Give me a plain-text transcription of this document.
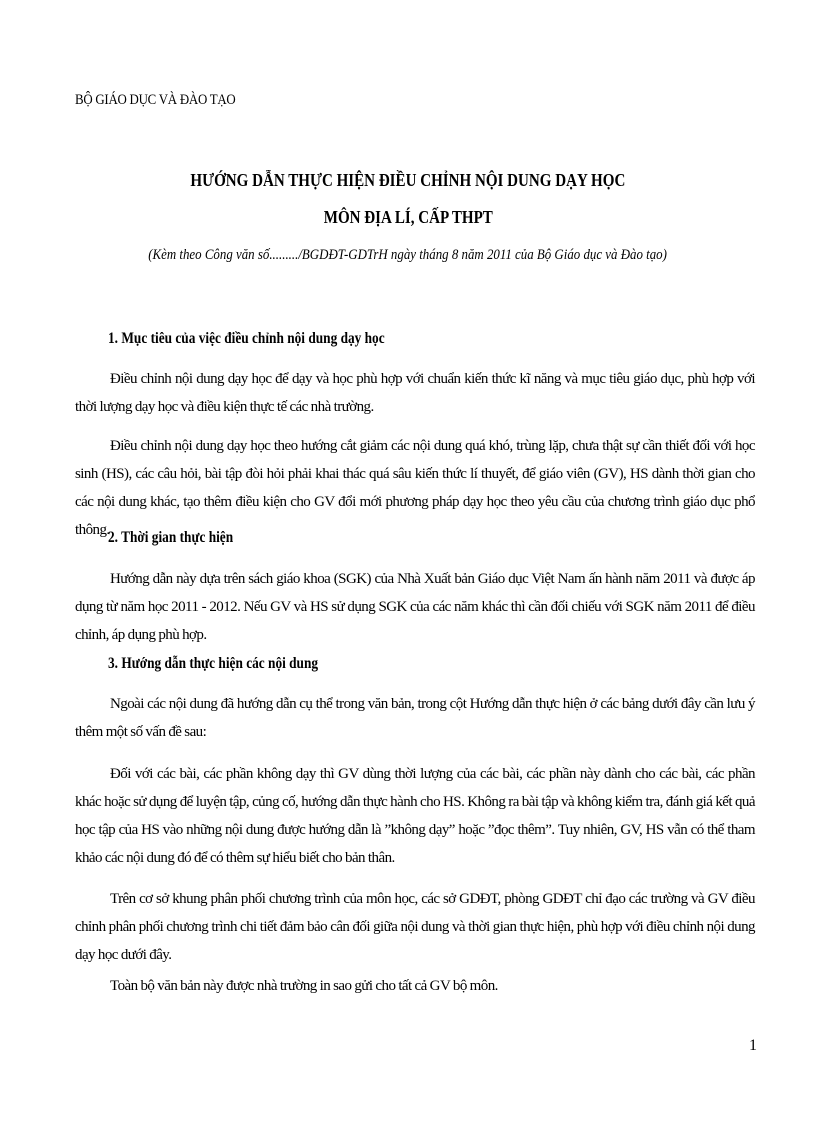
BỘ GIÁO DỤC VÀ ĐÀO TẠO
HƯỚNG DẪN THỰC HIỆN ĐIỀU CHỈNH NỘI DUNG DẠY HỌC
MÔN ĐỊA LÍ, CẤP THPT
(Kèm theo Công văn số........./BGDĐT-GDTrH ngày tháng 8 năm 2011 của Bộ Giáo dục và Đào tạo)
1. Mục tiêu của việc điều chỉnh nội dung dạy học
Điều chỉnh nội dung dạy học để dạy và học phù hợp với chuẩn kiến thức kĩ năng và mục tiêu giáo dục, phù hợp với thời lượng dạy học và điều kiện thực tế các nhà trường.
Điều chỉnh nội dung dạy học theo hướng cắt giảm các nội dung quá khó, trùng lặp, chưa thật sự cần thiết đối với học sinh (HS), các câu hỏi, bài tập đòi hỏi phải khai thác quá sâu kiến thức lí thuyết, để giáo viên (GV), HS dành thời gian cho các nội dung khác, tạo thêm điều kiện cho GV đổi mới phương pháp dạy học theo yêu cầu của chương trình giáo dục phổ thông.
2. Thời gian thực hiện
Hướng dẫn này dựa trên sách giáo khoa (SGK) của Nhà Xuất bản Giáo dục Việt Nam ấn hành năm 2011 và được áp dụng từ năm học 2011 - 2012. Nếu GV và HS sử dụng SGK của các năm khác thì cần đối chiếu với SGK năm 2011 để điều chỉnh, áp dụng phù hợp.
3. Hướng dẫn thực hiện các nội dung
Ngoài các nội dung đã hướng dẫn cụ thể trong văn bản, trong cột Hướng dẫn thực hiện ở các bảng dưới đây cần lưu ý thêm một số vấn đề sau:
Đối với các bài, các phần không dạy thì GV dùng thời lượng của các bài, các phần này dành cho các bài, các phần khác hoặc sử dụng để luyện tập, củng cố, hướng dẫn thực hành cho HS. Không ra bài tập và không kiểm tra, đánh giá kết quả học tập của HS vào những nội dung được hướng dẫn là ”không dạy” hoặc ”đọc thêm”. Tuy nhiên, GV, HS vẫn có thể tham khảo các nội dung đó để có thêm sự hiểu biết cho bản thân.
Trên cơ sở khung phân phối chương trình của môn học, các sở GDĐT, phòng GDĐT chỉ đạo các trường và GV điều chỉnh phân phối chương trình chi tiết đảm bảo cân đối giữa nội dung và thời gian thực hiện, phù hợp với điều chỉnh nội dung dạy học dưới đây.
Toàn bộ văn bản này được nhà trường in sao gửi cho tất cả GV bộ môn.
1
